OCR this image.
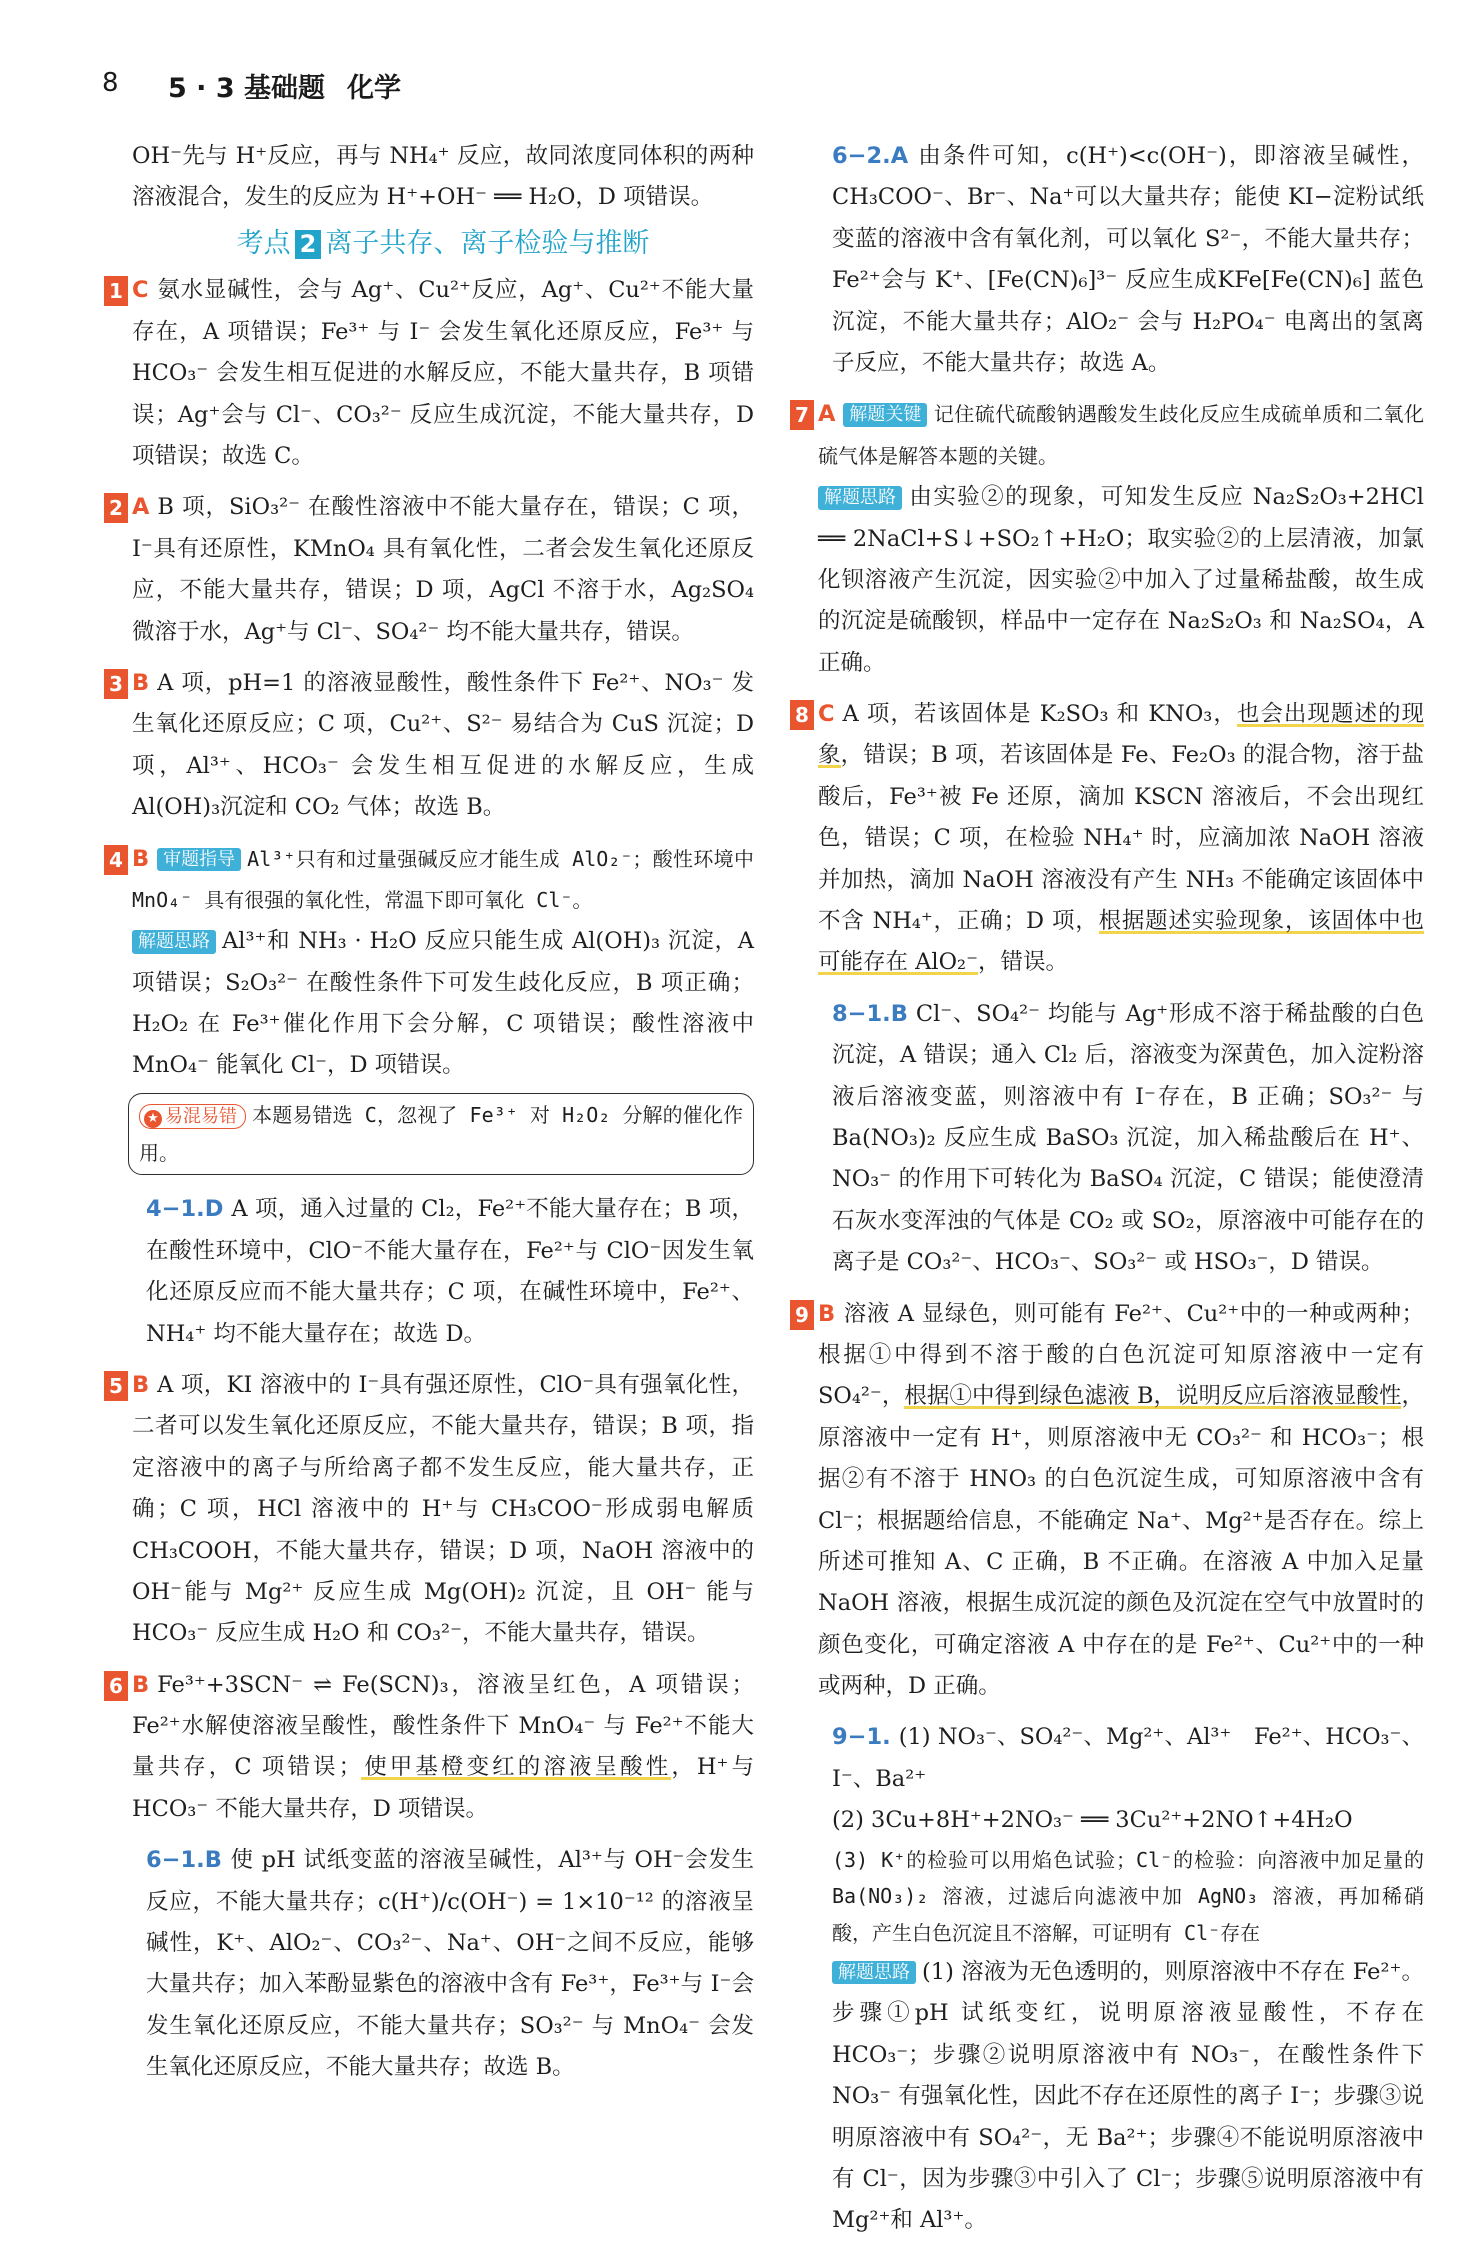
8 5 · 3 基础题 化学

OH⁻先与 H⁺反应，再与 NH₄⁺ 反应，故同浓度同体积的两种溶液混合，发生的反应为 H⁺+OH⁻ ══ H₂O，D 项错误。

考点 2 离子共存、离子检验与推断
1 C 氨水显碱性，会与 Ag⁺、Cu²⁺反应，Ag⁺、Cu²⁺不能大量存在，A 项错误；Fe³⁺ 与 I⁻ 会发生氧化还原反应，Fe³⁺ 与 HCO₃⁻ 会发生相互促进的水解反应，不能大量共存，B 项错误；Ag⁺会与 Cl⁻、CO₃²⁻ 反应生成沉淀，不能大量共存，D 项错误；故选 C。
2 A B 项，SiO₃²⁻ 在酸性溶液中不能大量存在，错误；C 项，I⁻具有还原性，KMnO₄ 具有氧化性，二者会发生氧化还原反应，不能大量共存，错误；D 项，AgCl 不溶于水，Ag₂SO₄ 微溶于水，Ag⁺与 Cl⁻、SO₄²⁻ 均不能大量共存，错误。
3 B A 项，pH=1 的溶液显酸性，酸性条件下 Fe²⁺、NO₃⁻ 发生氧化还原反应；C 项，Cu²⁺、S²⁻ 易结合为 CuS 沉淀；D 项，Al³⁺、HCO₃⁻ 会发生相互促进的水解反应，生成 Al(OH)₃沉淀和 CO₂ 气体；故选 B。
4 B 审题指导 Al³⁺只有和过量强碱反应才能生成 AlO₂⁻；酸性环境中 MnO₄⁻ 具有很强的氧化性，常温下即可氧化 Cl⁻。
解题思路 Al³⁺和 NH₃ · H₂O 反应只能生成 Al(OH)₃ 沉淀，A 项错误；S₂O₃²⁻ 在酸性条件下可发生歧化反应，B 项正确；H₂O₂ 在 Fe³⁺催化作用下会分解，C 项错误；酸性溶液中 MnO₄⁻ 能氧化 Cl⁻，D 项错误。
★ 易混易错 本题易错选 C，忽视了 Fe³⁺ 对 H₂O₂ 分解的催化作用。
4−1.D A 项，通入过量的 Cl₂，Fe²⁺不能大量存在；B 项，在酸性环境中，ClO⁻不能大量存在，Fe²⁺与 ClO⁻因发生氧化还原反应而不能大量共存；C 项，在碱性环境中，Fe²⁺、NH₄⁺ 均不能大量存在；故选 D。
5 B A 项，KI 溶液中的 I⁻具有强还原性，ClO⁻具有强氧化性，二者可以发生氧化还原反应，不能大量共存，错误；B 项，指定溶液中的离子与所给离子都不发生反应，能大量共存，正确；C 项，HCl 溶液中的 H⁺与 CH₃COO⁻形成弱电解质 CH₃COOH，不能大量共存，错误；D 项，NaOH 溶液中的 OH⁻能与 Mg²⁺ 反应生成 Mg(OH)₂ 沉淀，且 OH⁻ 能与 HCO₃⁻ 反应生成 H₂O 和 CO₃²⁻，不能大量共存，错误。
6 B Fe³⁺+3SCN⁻ ⇌ Fe(SCN)₃，溶液呈红色，A 项错误；Fe²⁺水解使溶液呈酸性，酸性条件下 MnO₄⁻ 与 Fe²⁺不能大量共存，C 项错误；使甲基橙变红的溶液呈酸性，H⁺与 HCO₃⁻ 不能大量共存，D 项错误。
6−1.B 使 pH 试纸变蓝的溶液呈碱性，Al³⁺与 OH⁻会发生反应，不能大量共存；c(H⁺)/c(OH⁻) = 1×10⁻¹² 的溶液呈碱性，K⁺、AlO₂⁻、CO₃²⁻、Na⁺、OH⁻之间不反应，能够大量共存；加入苯酚显紫色的溶液中含有 Fe³⁺，Fe³⁺与 I⁻会发生氧化还原反应，不能大量共存；SO₃²⁻ 与 MnO₄⁻ 会发生氧化还原反应，不能大量共存；故选 B。
6−2.A 由条件可知，c(H⁺)<c(OH⁻)，即溶液呈碱性，CH₃COO⁻、Br⁻、Na⁺可以大量共存；能使 KI−淀粉试纸变蓝的溶液中含有氧化剂，可以氧化 S²⁻，不能大量共存；Fe²⁺会与 K⁺、[Fe(CN)₆]³⁻ 反应生成KFe[Fe(CN)₆] 蓝色沉淀，不能大量共存；AlO₂⁻ 会与 H₂PO₄⁻ 电离出的氢离子反应，不能大量共存；故选 A。
7 A 解题关键 记住硫代硫酸钠遇酸发生歧化反应生成硫单质和二氧化硫气体是解答本题的关键。
解题思路 由实验②的现象，可知发生反应 Na₂S₂O₃+2HCl ══ 2NaCl+S↓+SO₂↑+H₂O；取实验②的上层清液，加氯化钡溶液产生沉淀，因实验②中加入了过量稀盐酸，故生成的沉淀是硫酸钡，样品中一定存在 Na₂S₂O₃ 和 Na₂SO₄，A 正确。
8 C A 项，若该固体是 K₂SO₃ 和 KNO₃，也会出现题述的现象，错误；B 项，若该固体是 Fe、Fe₂O₃ 的混合物，溶于盐酸后，Fe³⁺被 Fe 还原，滴加 KSCN 溶液后，不会出现红色，错误；C 项，在检验 NH₄⁺ 时，应滴加浓 NaOH 溶液并加热，滴加 NaOH 溶液没有产生 NH₃ 不能确定该固体中不含 NH₄⁺，正确；D 项，根据题述实验现象，该固体中也可能存在 AlO₂⁻，错误。
8−1.B Cl⁻、SO₄²⁻ 均能与 Ag⁺形成不溶于稀盐酸的白色沉淀，A 错误；通入 Cl₂ 后，溶液变为深黄色，加入淀粉溶液后溶液变蓝，则溶液中有 I⁻存在，B 正确；SO₃²⁻ 与 Ba(NO₃)₂ 反应生成 BaSO₃ 沉淀，加入稀盐酸后在 H⁺、NO₃⁻ 的作用下可转化为 BaSO₄ 沉淀，C 错误；能使澄清石灰水变浑浊的气体是 CO₂ 或 SO₂，原溶液中可能存在的离子是 CO₃²⁻、HCO₃⁻、SO₃²⁻ 或 HSO₃⁻，D 错误。
9 B 溶液 A 显绿色，则可能有 Fe²⁺、Cu²⁺中的一种或两种；根据①中得到不溶于酸的白色沉淀可知原溶液中一定有 SO₄²⁻，根据①中得到绿色滤液 B，说明反应后溶液显酸性，原溶液中一定有 H⁺，则原溶液中无 CO₃²⁻ 和 HCO₃⁻；根据②有不溶于 HNO₃ 的白色沉淀生成，可知原溶液中含有 Cl⁻；根据题给信息，不能确定 Na⁺、Mg²⁺是否存在。综上所述可推知 A、C 正确，B 不正确。在溶液 A 中加入足量 NaOH 溶液，根据生成沉淀的颜色及沉淀在空气中放置时的颜色变化，可确定溶液 A 中存在的是 Fe²⁺、Cu²⁺中的一种或两种，D 正确。
9−1. (1) NO₃⁻、SO₄²⁻、Mg²⁺、Al³⁺　Fe²⁺、HCO₃⁻、I⁻、Ba²⁺
(2) 3Cu+8H⁺+2NO₃⁻ ══ 3Cu²⁺+2NO↑+4H₂O
(3) K⁺的检验可以用焰色试验；Cl⁻的检验：向溶液中加足量的 Ba(NO₃)₂ 溶液，过滤后向滤液中加 AgNO₃ 溶液，再加稀硝酸，产生白色沉淀且不溶解，可证明有 Cl⁻存在
解题思路 (1) 溶液为无色透明的，则原溶液中不存在 Fe²⁺。步骤①pH 试纸变红，说明原溶液显酸性，不存在 HCO₃⁻；步骤②说明原溶液中有 NO₃⁻，在酸性条件下 NO₃⁻ 有强氧化性，因此不存在还原性的离子 I⁻；步骤③说明原溶液中有 SO₄²⁻，无 Ba²⁺；步骤④不能说明原溶液中有 Cl⁻，因为步骤③中引入了 Cl⁻；步骤⑤说明原溶液中有 Mg²⁺和 Al³⁺。
